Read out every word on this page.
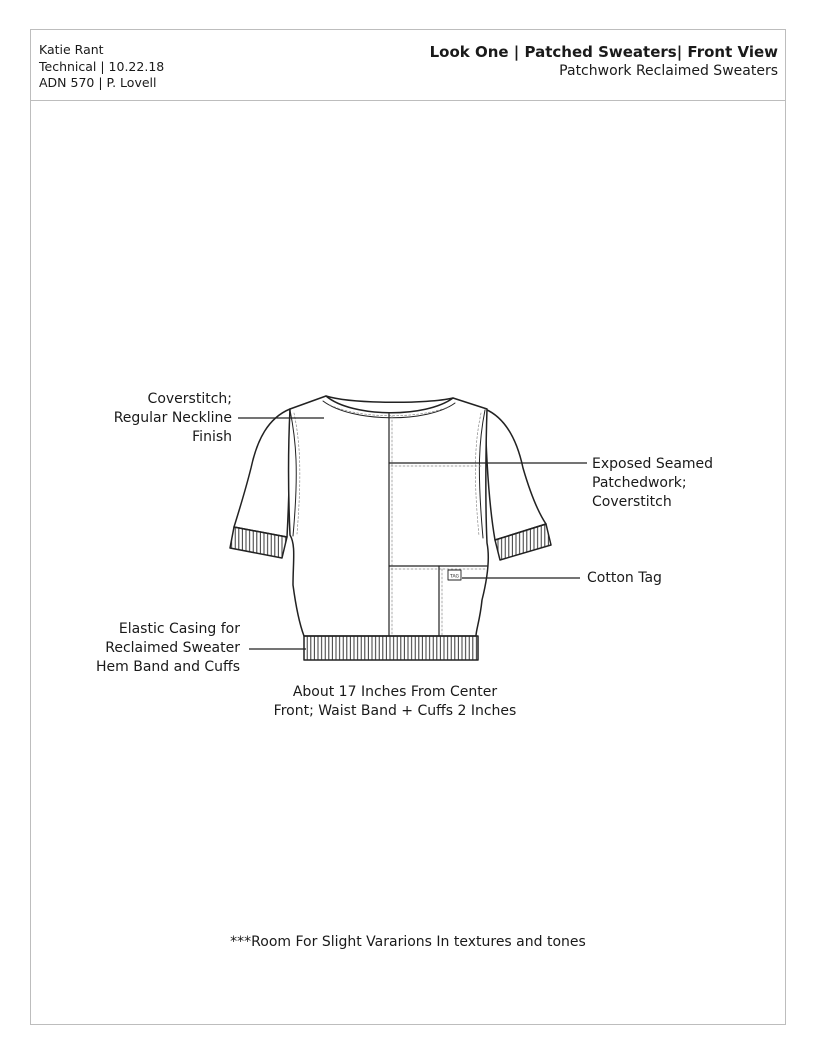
Katie Rant
Technical | 10.22.18
ADN 570 | P. Lovell
Look One | Patched Sweaters| Front View
Patchwork Reclaimed Sweaters
TAG
Coverstitch;
Regular Neckline
Finish
Exposed Seamed
Patchedwork;
Coverstitch
Cotton Tag
Elastic Casing for
Reclaimed Sweater
Hem Band and Cuffs
About 17 Inches From Center
Front; Waist Band + Cuffs 2 Inches
***Room For Slight Vararions In textures and tones
